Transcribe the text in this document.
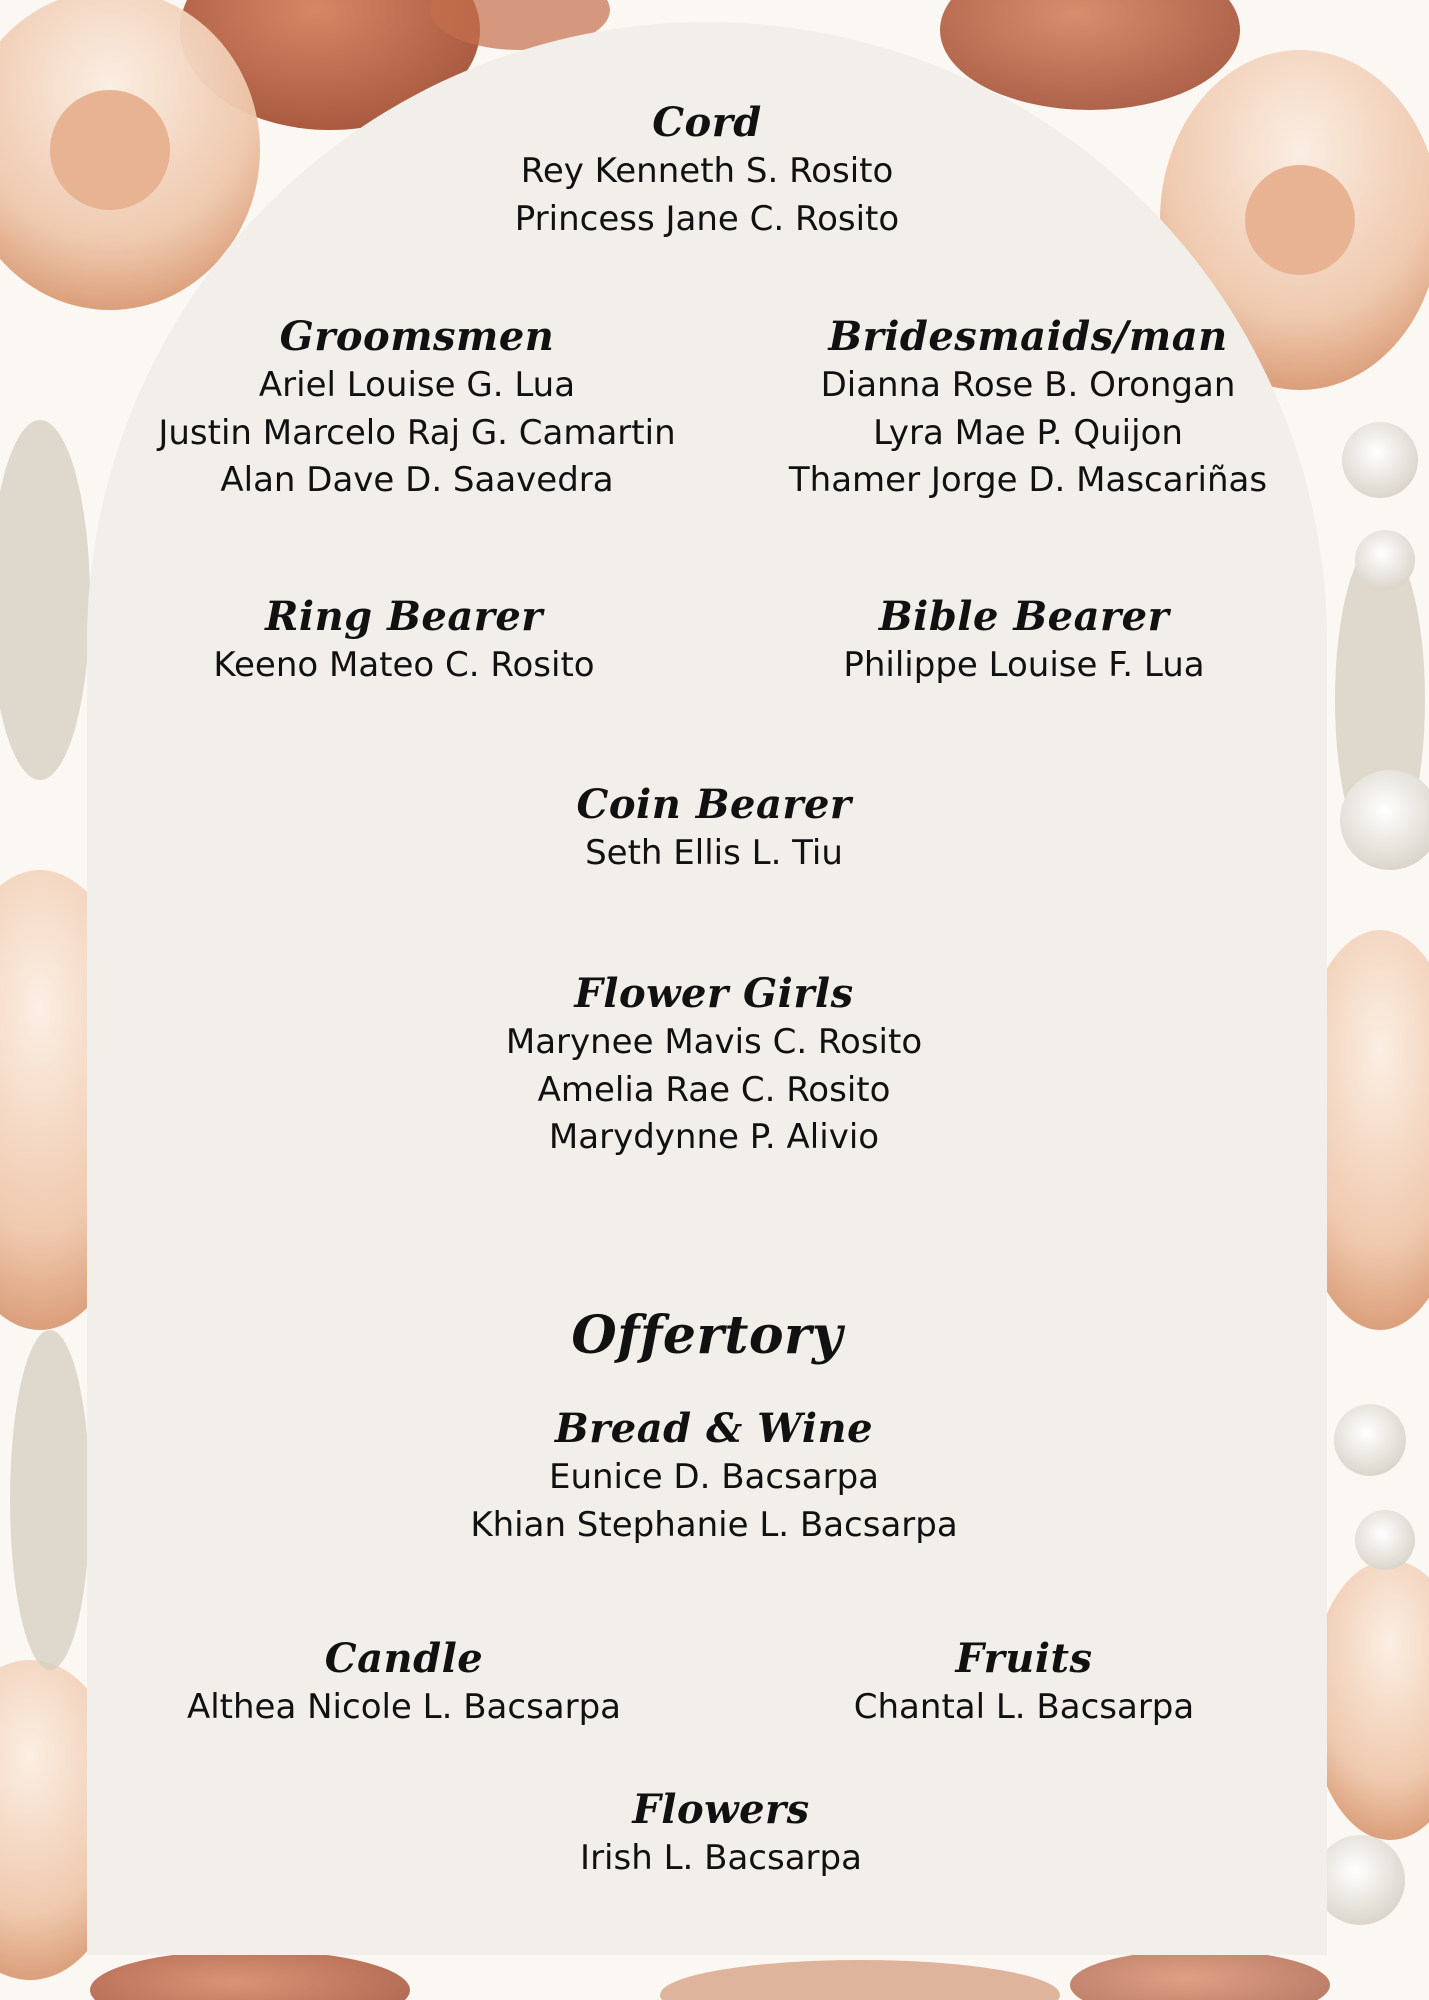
Cord
Rey Kenneth S. Rosito
Princess Jane C. Rosito
Groomsmen
Ariel Louise G. Lua
Justin Marcelo Raj G. Camartin
Alan Dave D. Saavedra
Bridesmaids/man
Dianna Rose B. Orongan
Lyra Mae P. Quijon
Thamer Jorge D. Mascariñas
Ring Bearer
Keeno Mateo C. Rosito
Bible Bearer
Philippe Louise F. Lua
Coin Bearer
Seth Ellis L. Tiu
Flower Girls
Marynee Mavis C. Rosito
Amelia Rae C. Rosito
Marydynne P. Alivio
Offertory
Bread & Wine
Eunice D. Bacsarpa
Khian Stephanie L. Bacsarpa
Candle
Althea Nicole L. Bacsarpa
Fruits
Chantal L. Bacsarpa
Flowers
Irish L. Bacsarpa
